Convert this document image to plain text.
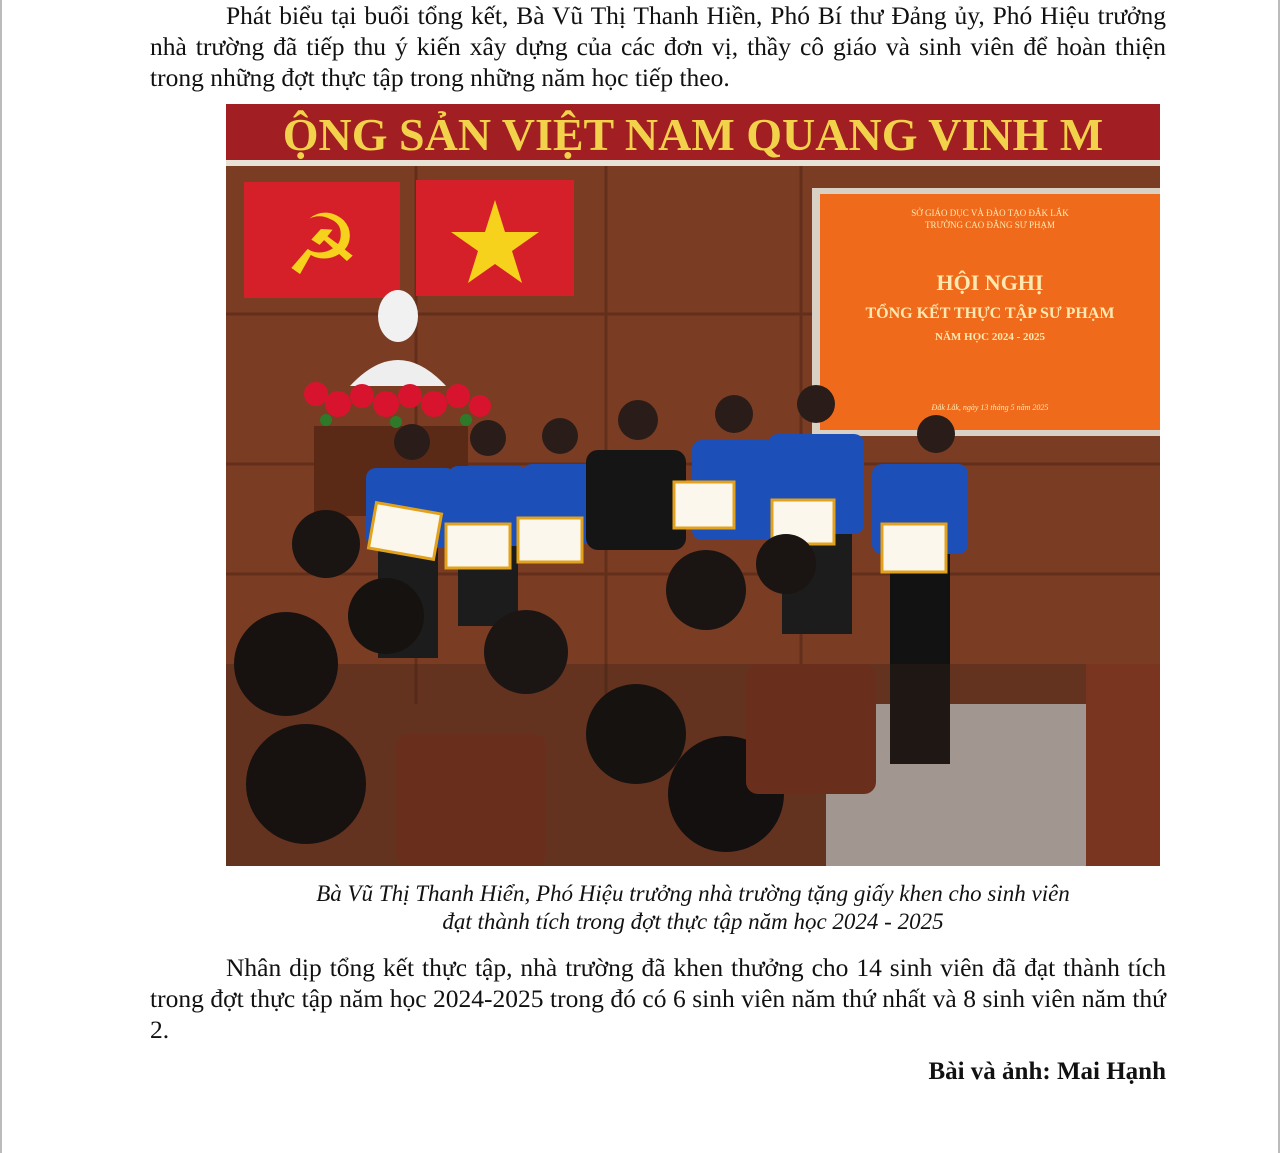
Phát biểu tại buổi tổng kết, Bà Vũ Thị Thanh Hiền, Phó Bí thư Đảng ủy, Phó Hiệu trưởng nhà trường đã tiếp thu ý kiến xây dựng của các đơn vị, thầy cô giáo và sinh viên để hoàn thiện trong những đợt thực tập trong những năm học tiếp theo.

ỘNG SẢN VIỆT NAM QUANG VINH M
☭	SỞ GIÁO DỤC VÀ ĐÀO TẠO ĐẮK LẮK
TRƯỜNG CAO ĐẲNG SƯ PHẠM
HỘI NGHỊ
TỔNG KẾT THỰC TẬP SƯ PHẠM
NĂM HỌC 2024 - 2025
Đắk Lắk, ngày 13 tháng 5 năm 2025
Bà Vũ Thị Thanh Hiển, Phó Hiệu trưởng nhà trường tặng giấy khen cho sinh viên
đạt thành tích trong đợt thực tập năm học 2024 - 2025

Nhân dịp tổng kết thực tập, nhà trường đã khen thưởng cho 14 sinh viên đã đạt thành tích trong đợt thực tập năm học 2024-2025 trong đó có 6 sinh viên năm thứ nhất và 8 sinh viên năm thứ 2.

Bài và ảnh: Mai Hạnh
